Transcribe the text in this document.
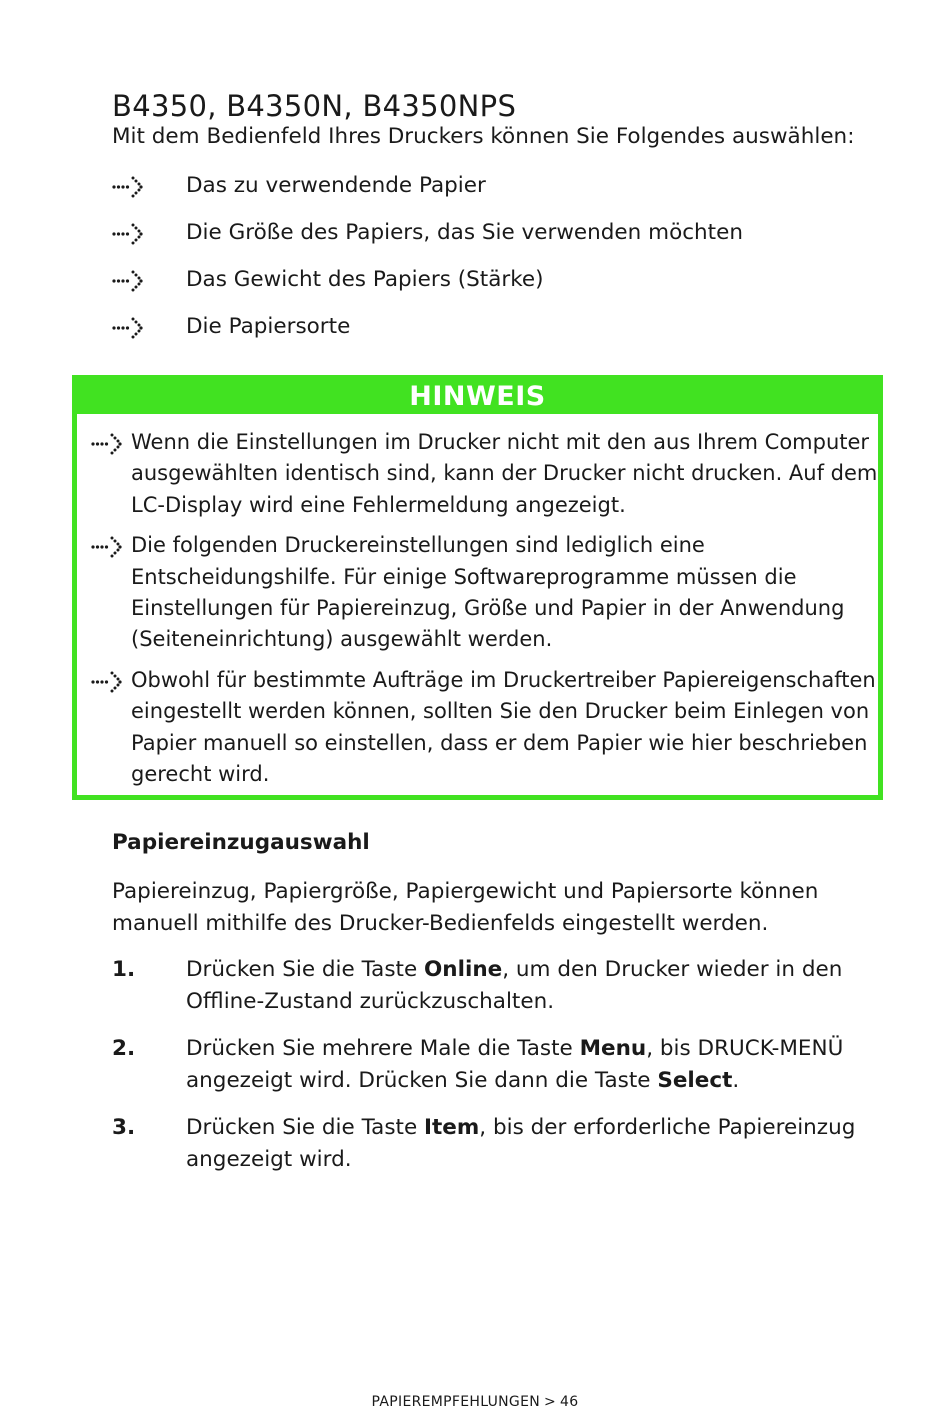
B4350, B4350N, B4350NPS
Mit dem Bedienfeld Ihres Druckers können Sie Folgendes auswählen:
Das zu verwendende Papier
Die Größe des Papiers, das Sie verwenden möchten
Das Gewicht des Papiers (Stärke)
Die Papiersorte
HINWEIS
Wenn die Einstellungen im Drucker nicht mit den aus Ihrem Computer ausgewählten identisch sind, kann der Drucker nicht drucken. Auf dem LC-Display wird eine Fehlermeldung angezeigt.
Die folgenden Druckereinstellungen sind lediglich eine Entscheidungshilfe. Für einige Softwareprogramme müssen die Einstellungen für Papiereinzug, Größe und Papier in der Anwendung (Seiteneinrichtung) ausgewählt werden.
Obwohl für bestimmte Aufträge im Druckertreiber Papiereigenschaften eingestellt werden können, sollten Sie den Drucker beim Einlegen von Papier manuell so einstellen, dass er dem Papier wie hier beschrieben gerecht wird.
Papiereinzugauswahl
Papiereinzug, Papiergröße, Papiergewicht und Papiersorte können manuell mithilfe des Drucker-Bedienfelds eingestellt werden.
1. Drücken Sie die Taste Online, um den Drucker wieder in den Offline-Zustand zurückzuschalten.
2. Drücken Sie mehrere Male die Taste Menu, bis DRUCK-MENÜ angezeigt wird. Drücken Sie dann die Taste Select.
3. Drücken Sie die Taste Item, bis der erforderliche Papiereinzug angezeigt wird.
PAPIEREMPFEHLUNGEN > 46
